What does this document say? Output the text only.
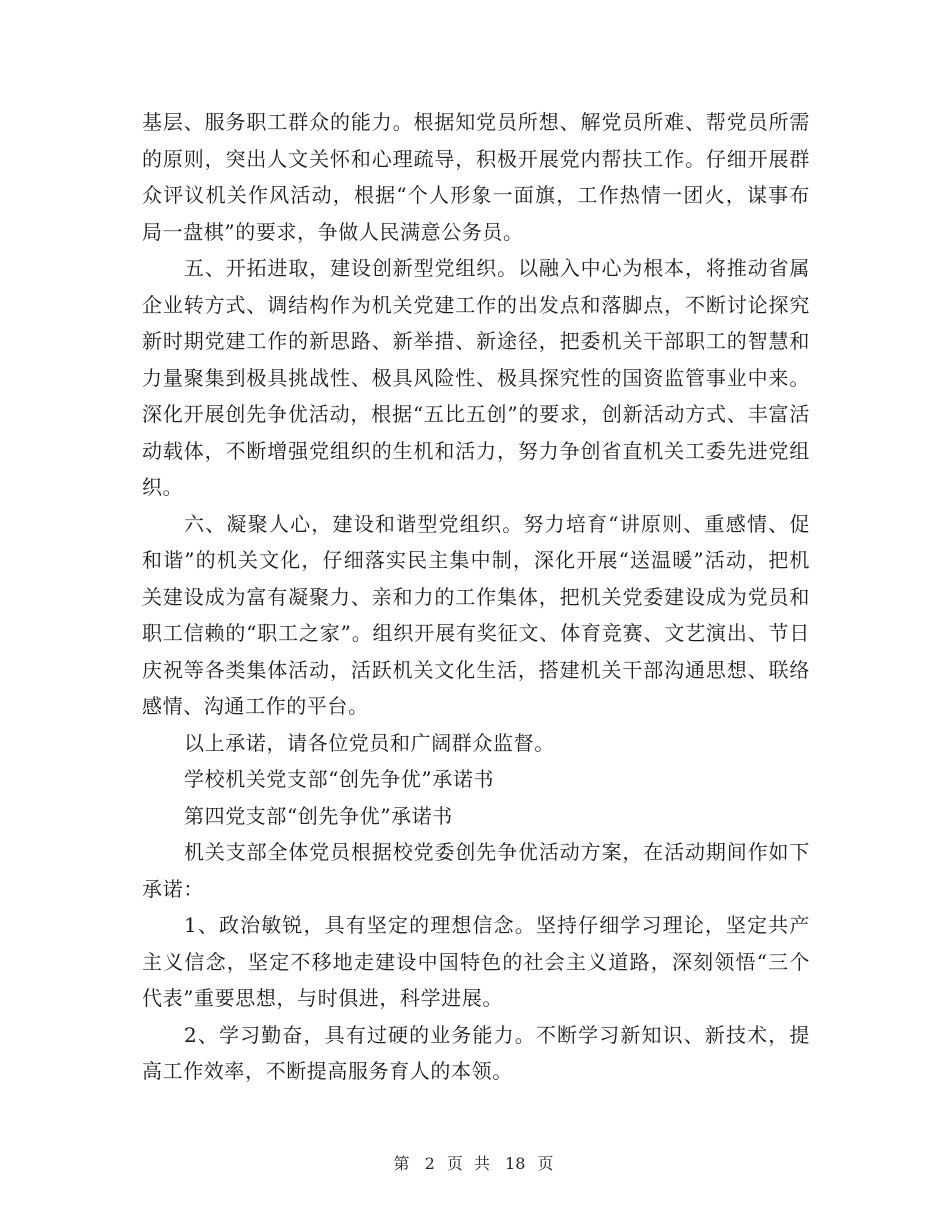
基层、服务职工群众的能力。根据知党员所想、解党员所难、帮党员所需的原则，突出人文关怀和心理疏导，积极开展党内帮扶工作。仔细开展群众评议机关作风活动，根据“个人形象一面旗，工作热情一团火，谋事布局一盘棋”的要求，争做人民满意公务员。

五、开拓进取，建设创新型党组织。以融入中心为根本，将推动省属企业转方式、调结构作为机关党建工作的出发点和落脚点，不断讨论探究新时期党建工作的新思路、新举措、新途径，把委机关干部职工的智慧和力量聚集到极具挑战性、极具风险性、极具探究性的国资监管事业中来。深化开展创先争优活动，根据“五比五创”的要求，创新活动方式、丰富活动载体，不断增强党组织的生机和活力，努力争创省直机关工委先进党组织。

六、凝聚人心，建设和谐型党组织。努力培育“讲原则、重感情、促和谐”的机关文化，仔细落实民主集中制，深化开展“送温暖”活动，把机关建设成为富有凝聚力、亲和力的工作集体，把机关党委建设成为党员和职工信赖的“职工之家”。组织开展有奖征文、体育竞赛、文艺演出、节日庆祝等各类集体活动，活跃机关文化生活，搭建机关干部沟通思想、联络感情、沟通工作的平台。

以上承诺，请各位党员和广阔群众监督。

学校机关党支部“创先争优”承诺书

第四党支部“创先争优”承诺书

机关支部全体党员根据校党委创先争优活动方案，在活动期间作如下承诺：

1、政治敏锐，具有坚定的理想信念。坚持仔细学习理论，坚定共产主义信念，坚定不移地走建设中国特色的社会主义道路，深刻领悟“三个代表”重要思想，与时俱进，科学进展。

2、学习勤奋，具有过硬的业务能力。不断学习新知识、新技术，提高工作效率，不断提高服务育人的本领。

第 2 页 共 18 页
